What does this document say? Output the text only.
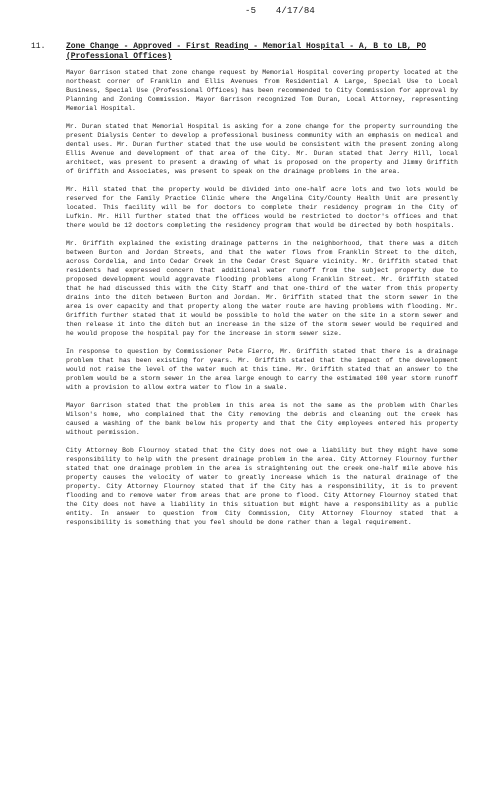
-5 4/17/84
11.	Zone Change - Approved - First Reading - Memorial Hospital - A, B to LB, PO (Professional Offices)

Mayor Garrison stated that zone change request by Memorial Hospital covering property located at the northeast corner of Franklin and Ellis Avenues from Residential A Large, Special Use to Local Business, Special Use (Professional Offices) has been recommended to City Commission for approval by Planning and Zoning Commission. Mayor Garrison recognized Tom Duran, Local Attorney, representing Memorial Hospital.

Mr. Duran stated that Memorial Hospital is asking for a zone change for the property surrounding the present Dialysis Center to develop a professional business community with an emphasis on medical and dental uses. Mr. Duran further stated that the use would be consistent with the present zoning along Ellis Avenue and development of that area of the City. Mr. Duran stated that Jerry Hill, local architect, was present to present a drawing of what is proposed on the property and Jimmy Griffith of Griffith and Associates, was present to speak on the drainage problems in the area.

Mr. Hill stated that the property would be divided into one-half acre lots and two lots would be reserved for the Family Practice Clinic where the Angelina City/County Health Unit are presently located. This facility will be for doctors to complete their residency program in the City of Lufkin. Mr. Hill further stated that the offices would be restricted to doctor's offices and that there would be 12 doctors completing the residency program that would be directed by both hospitals.

Mr. Griffith explained the existing drainage patterns in the neighborhood, that there was a ditch between Burton and Jordan Streets, and that the water flows from Franklin Street to the ditch, across Cordelia, and into Cedar Creek in the Cedar Crest Square vicinity. Mr. Griffith stated that residents had expressed concern that additional water runoff from the subject property due to proposed development would aggravate flooding problems along Franklin Street. Mr. Griffith stated that he had discussed this with the City Staff and that one-third of the water from this property drains into the ditch between Burton and Jordan. Mr. Griffith stated that the storm sewer in the area is over capacity and that property along the water route are having problems with flooding. Mr. Griffith further stated that it would be possible to hold the water on the site in a storm sewer and then release it into the ditch but an increase in the size of the storm sewer would be required and he would propose the hospital pay for the increase in storm sewer size.

In response to question by Commissioner Pete Fierro, Mr. Griffith stated that there is a drainage problem that has been existing for years. Mr. Griffith stated that the impact of the development would not raise the level of the water much at this time. Mr. Griffith stated that an answer to the problem would be a storm sewer in the area large enough to carry the estimated 100 year storm runoff with a provision to allow extra water to flow in a swale.

Mayor Garrison stated that the problem in this area is not the same as the problem with Charles Wilson's home, who complained that the City removing the debris and cleaning out the creek has caused a washing of the bank below his property and that the City employees entered his property without permission.

City Attorney Bob Flournoy stated that the City does not owe a liability but they might have some responsibility to help with the present drainage problem in the area. City Attorney Flournoy further stated that one drainage problem in the area is straightening out the creek one-half mile above his property causes the velocity of water to greatly increase which is the natural drainage of the property. City Attorney Flournoy stated that if the City has a responsibility, it is to prevent flooding and to remove water from areas that are prone to flood. City Attorney Flournoy stated that the City does not have a liability in this situation but might have a responsibility as a public entity. In answer to question from City Commission, City Attorney Flournoy stated that a responsibility is something that you feel should be done rather than a legal requirement.
